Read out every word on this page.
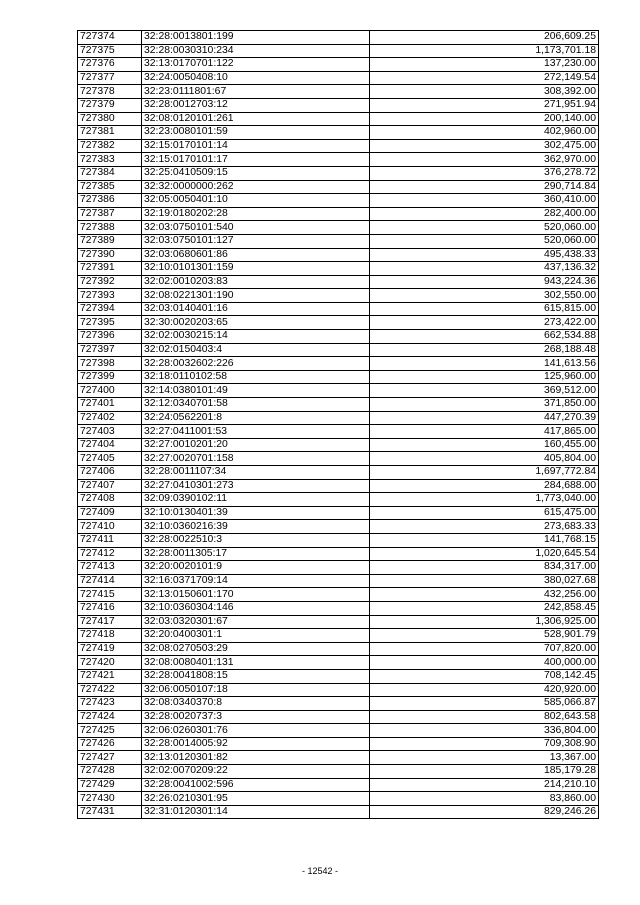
727374	32:28:0013801:199	206,609.25
727375	32:28:0030310:234	1,173,701.18
727376	32:13:0170701:122	137,230.00
727377	32:24:0050408:10	272,149.54
727378	32:23:0111801:67	308,392.00
727379	32:28:0012703:12	271,951.94
727380	32:08:0120101:261	200,140.00
727381	32:23:0080101:59	402,960.00
727382	32:15:0170101:14	302,475.00
727383	32:15:0170101:17	362,970.00
727384	32:25:0410509:15	376,278.72
727385	32:32:0000000:262	290,714.84
727386	32:05:0050401:10	360,410.00
727387	32:19:0180202:28	282,400.00
727388	32:03:0750101:540	520,060.00
727389	32:03:0750101:127	520,060.00
727390	32:03:0680601:86	495,438.33
727391	32:10:0101301:159	437,136.32
727392	32:02:0010203:83	943,224.36
727393	32:08:0221301:190	302,550.00
727394	32:03:0140401:16	615,815.00
727395	32:30:0020203:65	273,422.00
727396	32:02:0030215:14	662,534.88
727397	32:02:0150403:4	268,188.48
727398	32:28:0032602:226	141,613.56
727399	32:18:0110102:58	125,960.00
727400	32:14:0380101:49	369,512.00
727401	32:12:0340701:58	371,850.00
727402	32:24:0562201:8	447,270.39
727403	32:27:0411001:53	417,865.00
727404	32:27:0010201:20	160,455.00
727405	32:27:0020701:158	405,804.00
727406	32:28:0011107:34	1,697,772.84
727407	32:27:0410301:273	284,688.00
727408	32:09:0390102:11	1,773,040.00
727409	32:10:0130401:39	615,475.00
727410	32:10:0360216:39	273,683.33
727411	32:28:0022510:3	141,768.15
727412	32:28:0011305:17	1,020,645.54
727413	32:20:0020101:9	834,317.00
727414	32:16:0371709:14	380,027.68
727415	32:13:0150601:170	432,256.00
727416	32:10:0360304:146	242,858.45
727417	32:03:0320301:67	1,306,925.00
727418	32:20:0400301:1	528,901.79
727419	32:08:0270503:29	707,820.00
727420	32:08:0080401:131	400,000.00
727421	32:28:0041808:15	708,142.45
727422	32:06:0050107:18	420,920.00
727423	32:08:0340370:8	585,066.87
727424	32:28:0020737:3	802,643.58
727425	32:06:0260301:76	336,804.00
727426	32:28:0014005:92	709,308.90
727427	32:13:0120301:82	13,367.00
727428	32:02:0070209:22	185,179.28
727429	32:28:0041002:596	214,210.10
727430	32:26:0210301:95	83,860.00
727431	32:31:0120301:14	829,246.26
- 12542 -
